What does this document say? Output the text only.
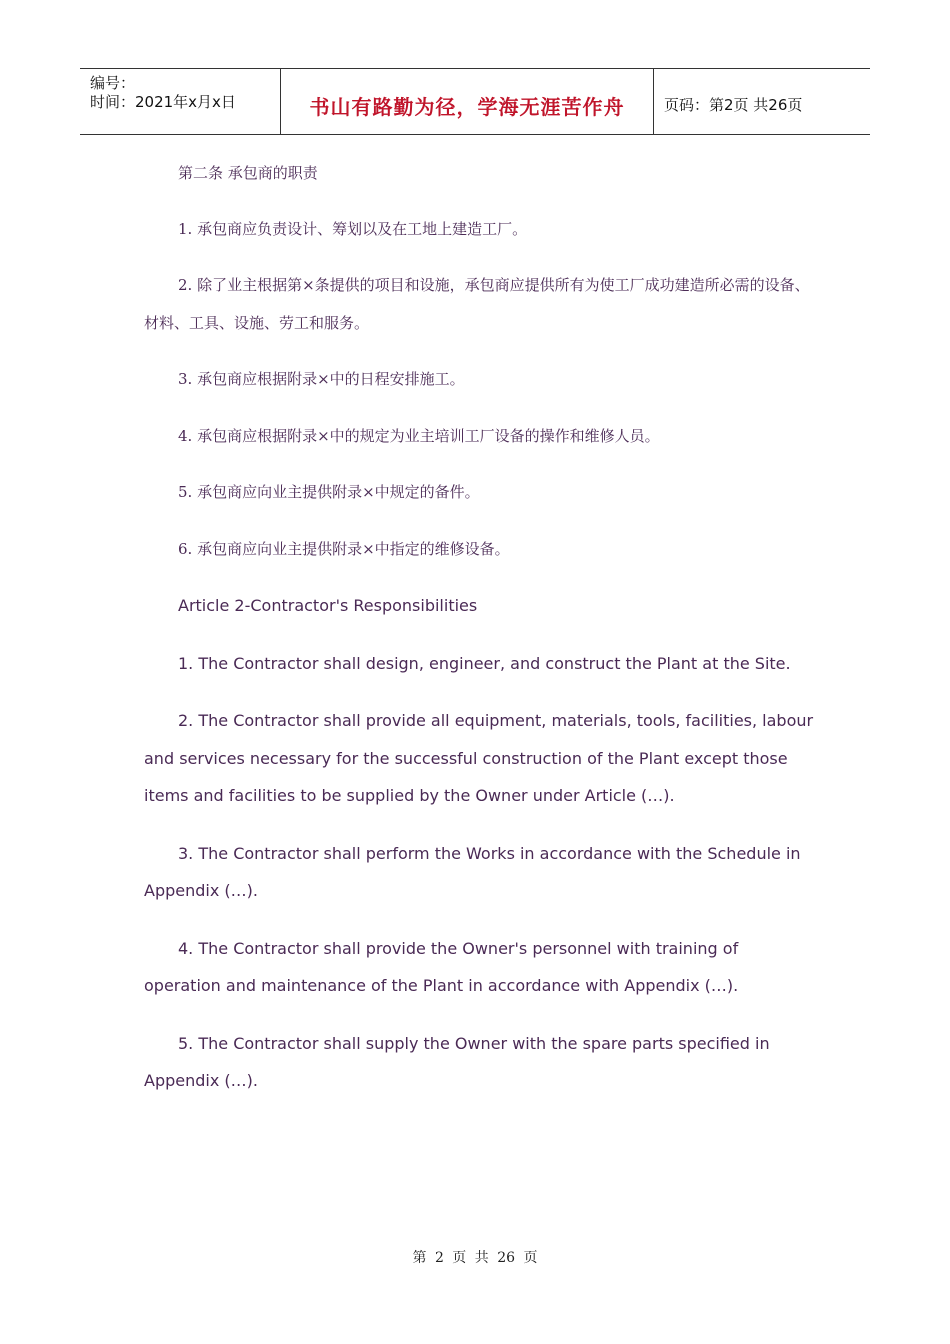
编号：
时间：2021年x月x日	书山有路勤为径，学海无涯苦作舟	页码：第2页 共26页

第二条 承包商的职责

1. 承包商应负责设计、筹划以及在工地上建造工厂。

2. 除了业主根据第×条提供的项目和设施，承包商应提供所有为使工厂成功建造所必需的设备、材料、工具、设施、劳工和服务。

3. 承包商应根据附录×中的日程安排施工。

4. 承包商应根据附录×中的规定为业主培训工厂设备的操作和维修人员。

5. 承包商应向业主提供附录×中规定的备件。

6. 承包商应向业主提供附录×中指定的维修设备。

Article 2-Contractor's Responsibilities

1. The Contractor shall design, engineer, and construct the Plant at the Site.

2. The Contractor shall provide all equipment, materials, tools, facilities, labour and services necessary for the successful construction of the Plant except those items and facilities to be supplied by the Owner under Article (…).

3. The Contractor shall perform the Works in accordance with the Schedule in Appendix (…).

4. The Contractor shall provide the Owner's personnel with training of operation and maintenance of the Plant in accordance with Appendix (…).

5. The Contractor shall supply the Owner with the spare parts specified in Appendix (…).

第 2 页 共 26 页
